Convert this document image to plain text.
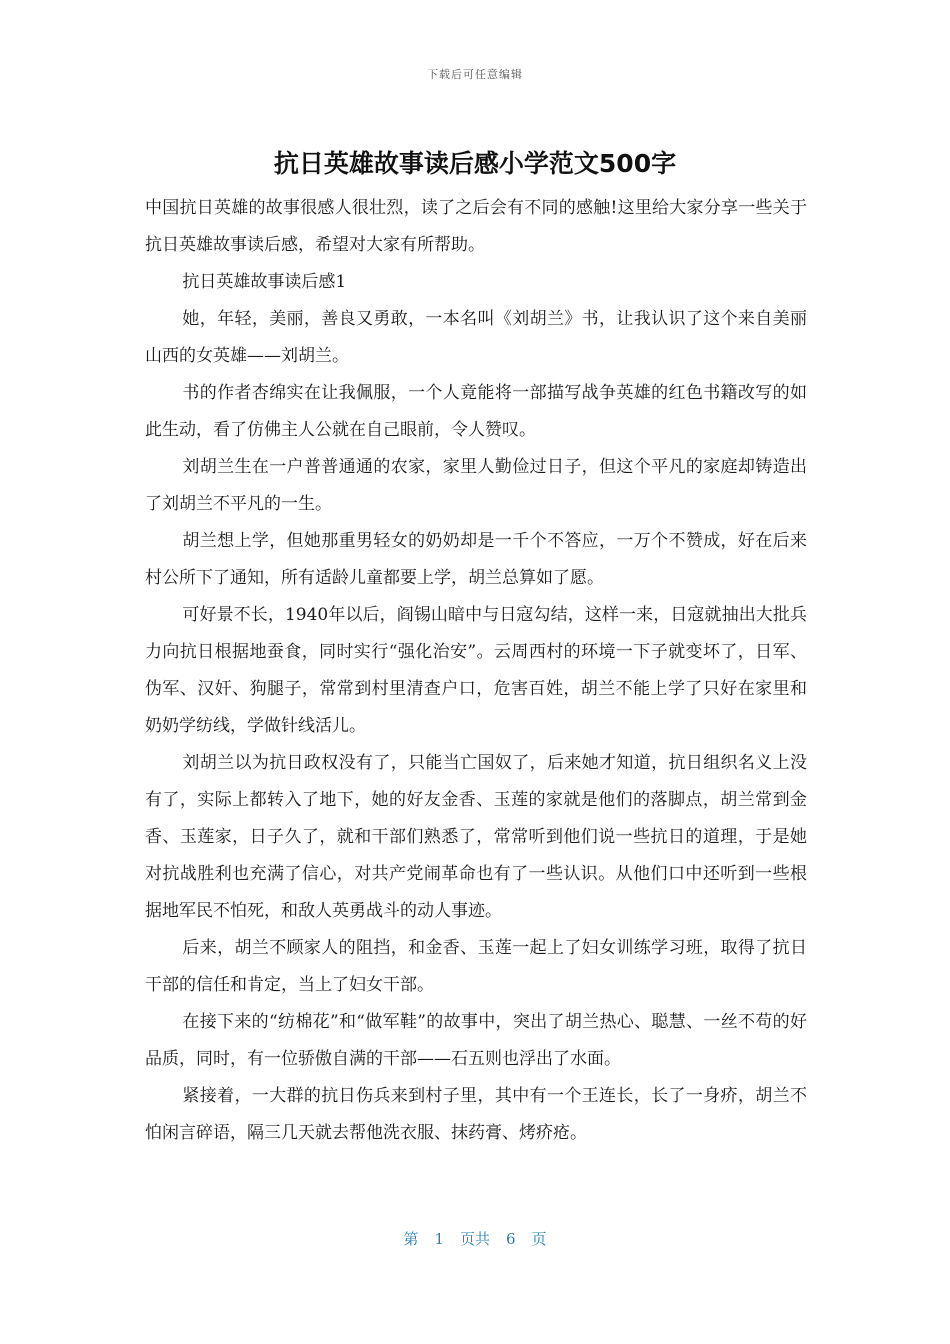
下载后可任意编辑
抗日英雄故事读后感小学范文500字

中国抗日英雄的故事很感人很壮烈，读了之后会有不同的感触!这里给大家分享一些关于抗日英雄故事读后感，希望对大家有所帮助。

抗日英雄故事读后感1

她，年轻，美丽，善良又勇敢，一本名叫《刘胡兰》书，让我认识了这个来自美丽山西的女英雄——刘胡兰。

书的作者杏绵实在让我佩服，一个人竟能将一部描写战争英雄的红色书籍改写的如此生动，看了仿佛主人公就在自己眼前，令人赞叹。

刘胡兰生在一户普普通通的农家，家里人勤俭过日子，但这个平凡的家庭却铸造出了刘胡兰不平凡的一生。

胡兰想上学，但她那重男轻女的奶奶却是一千个不答应，一万个不赞成，好在后来村公所下了通知，所有适龄儿童都要上学，胡兰总算如了愿。

可好景不长，1940年以后，阎锡山暗中与日寇勾结，这样一来，日寇就抽出大批兵力向抗日根据地蚕食，同时实行“强化治安”。云周西村的环境一下子就变坏了，日军、伪军、汉奸、狗腿子，常常到村里清查户口，危害百姓，胡兰不能上学了只好在家里和奶奶学纺线，学做针线活儿。

刘胡兰以为抗日政权没有了，只能当亡国奴了，后来她才知道，抗日组织名义上没有了，实际上都转入了地下，她的好友金香、玉莲的家就是他们的落脚点，胡兰常到金香、玉莲家，日子久了，就和干部们熟悉了，常常听到他们说一些抗日的道理，于是她对抗战胜利也充满了信心，对共产党闹革命也有了一些认识。从他们口中还听到一些根据地军民不怕死，和敌人英勇战斗的动人事迹。

后来，胡兰不顾家人的阻挡，和金香、玉莲一起上了妇女训练学习班，取得了抗日干部的信任和肯定，当上了妇女干部。

在接下来的“纺棉花”和“做军鞋”的故事中，突出了胡兰热心、聪慧、一丝不苟的好品质，同时，有一位骄傲自满的干部——石五则也浮出了水面。

紧接着，一大群的抗日伤兵来到村子里，其中有一个王连长，长了一身疥，胡兰不怕闲言碎语，隔三几天就去帮他洗衣服、抹药膏、烤疥疮。

第 1 页共 6 页
